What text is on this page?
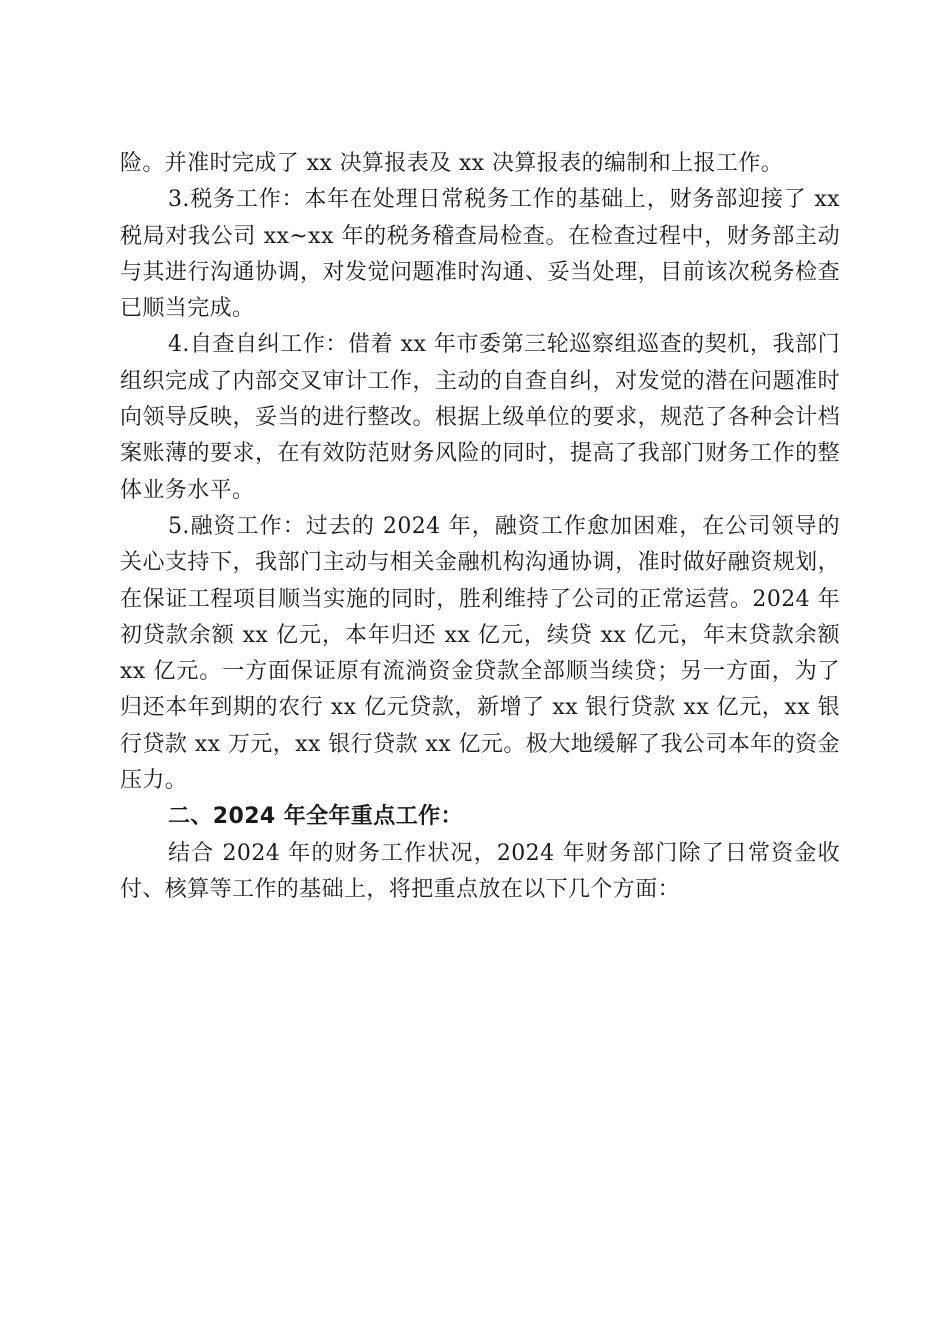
险。并准时完成了 xx 决算报表及 xx 决算报表的编制和上报工作。

3.税务工作：本年在处理日常税务工作的基础上，财务部迎接了 xx 税局对我公司 xx~xx 年的税务稽查局检查。在检查过程中，财务部主动与其进行沟通协调，对发觉问题准时沟通、妥当处理，目前该次税务检查已顺当完成。

4.自查自纠工作：借着 xx 年市委第三轮巡察组巡查的契机，我部门组织完成了内部交叉审计工作，主动的自查自纠，对发觉的潜在问题准时向领导反映，妥当的进行整改。根据上级单位的要求，规范了各种会计档案账薄的要求，在有效防范财务风险的同时，提高了我部门财务工作的整体业务水平。

5.融资工作：过去的 2024 年，融资工作愈加困难，在公司领导的关心支持下，我部门主动与相关金融机构沟通协调，准时做好融资规划，在保证工程项目顺当实施的同时，胜利维持了公司的正常运营。2024 年初贷款余额 xx 亿元，本年归还 xx 亿元，续贷 xx 亿元，年末贷款余额 xx 亿元。一方面保证原有流淌资金贷款全部顺当续贷；另一方面，为了归还本年到期的农行 xx 亿元贷款，新增了 xx 银行贷款 xx 亿元，xx 银行贷款 xx 万元，xx 银行贷款 xx 亿元。极大地缓解了我公司本年的资金压力。

二、2024 年全年重点工作：

结合 2024 年的财务工作状况，2024 年财务部门除了日常资金收付、核算等工作的基础上，将把重点放在以下几个方面：
